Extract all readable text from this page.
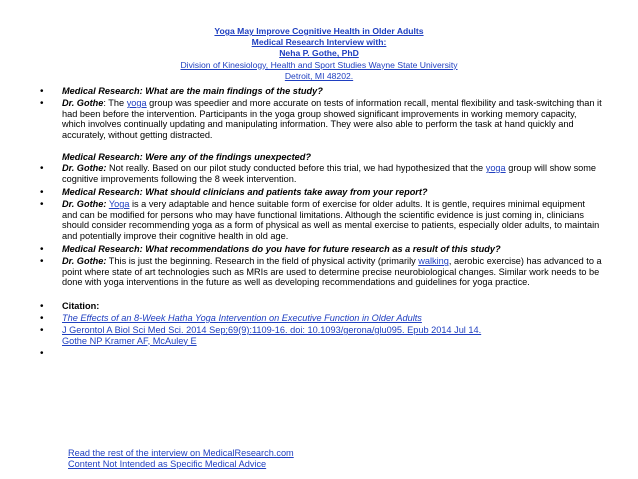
Yoga May Improve Cognitive Health in Older Adults
Medical Research Interview with:
Neha P. Gothe, PhD
Division of Kinesiology, Health and Sport Studies Wayne State University
Detroit, MI 48202.
• Medical Research: What are the main findings of the study?
• Dr. Gothe: The yoga group was speedier and more accurate on tests of information recall, mental flexibility and task-switching than it had been before the intervention. Participants in the yoga group showed significant improvements in working memory capacity, which involves continually updating and manipulating information. They were also able to perform the task at hand quickly and accurately, without getting distracted.
Medical Research: Were any of the findings unexpected?
• Dr. Gothe: Not really. Based on our pilot study conducted before this trial, we had hypothesized that the yoga group will show some cognitive improvements following the 8 week intervention.
• Medical Research: What should clinicians and patients take away from your report?
• Dr. Gothe: Yoga is a very adaptable and hence suitable form of exercise for older adults. It is gentle, requires minimal equipment and can be modified for persons who may have functional limitations. Although the scientific evidence is just coming in, clinicians should consider recommending yoga as a form of physical as well as mental exercise to patients, especially older adults, to maintain and potentially improve their cognitive health in old age.
• Medical Research: What recommendations do you have for future research as a result of this study?
• Dr. Gothe: This is just the beginning. Research in the field of physical activity (primarily walking, aerobic exercise) has advanced to a point where state of art technologies such as MRIs are used to determine precise neurobiological changes. Similar work needs to be done with yoga interventions in the future as well as developing recommendations and guidelines for yoga practice.
• Citation:
• The Effects of an 8-Week Hatha Yoga Intervention on Executive Function in Older Adults
• J Gerontol A Biol Sci Med Sci. 2014 Sep;69(9):1109-16. doi: 10.1093/gerona/glu095. Epub 2014 Jul 14.
Gothe NP Kramer AF, McAuley E
•
Read the rest of the interview on MedicalResearch.com
Content Not Intended as Specific Medical Advice
